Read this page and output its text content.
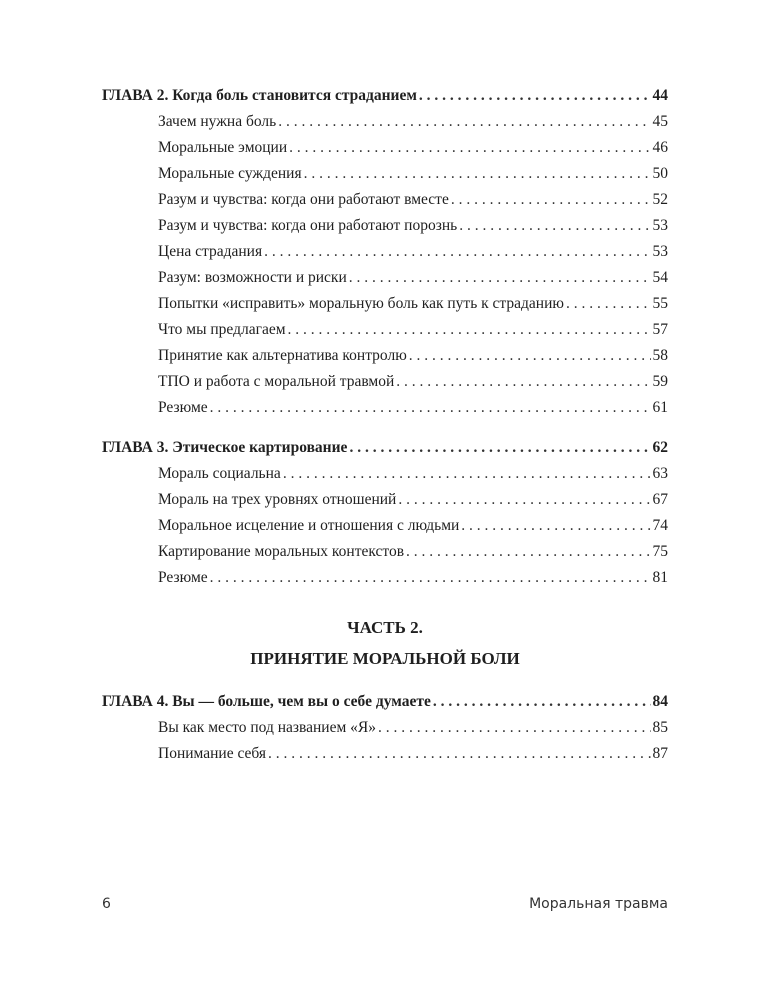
ГЛАВА 2. Когда боль становится страданием . . .	44
Зачем нужна боль . . .	45
Моральные эмоции . . .	46
Моральные суждения . . .	50
Разум и чувства: когда они работают вместе . . .	52
Разум и чувства: когда они работают порознь . . .	53
Цена страдания . . .	53
Разум: возможности и риски . . .	54
Попытки «исправить» моральную боль как путь к страданию . . .	55
Что мы предлагаем . . .	57
Принятие как альтернатива контролю . . .	58
ТПО и работа с моральной травмой . . .	59
Резюме . . .	61
ГЛАВА 3. Этическое картирование . . .	62
Мораль социальна . . .	63
Мораль на трех уровнях отношений . . .	67
Моральное исцеление и отношения с людьми . . .	74
Картирование моральных контекстов . . .	75
Резюме . . .	81
ЧАСТЬ 2.
ПРИНЯТИЕ МОРАЛЬНОЙ БОЛИ
ГЛАВА 4. Вы — больше, чем вы о себе думаете . . .	84
Вы как место под названием «Я» . . .	85
Понимание себя . . .	87
6	Моральная травма
